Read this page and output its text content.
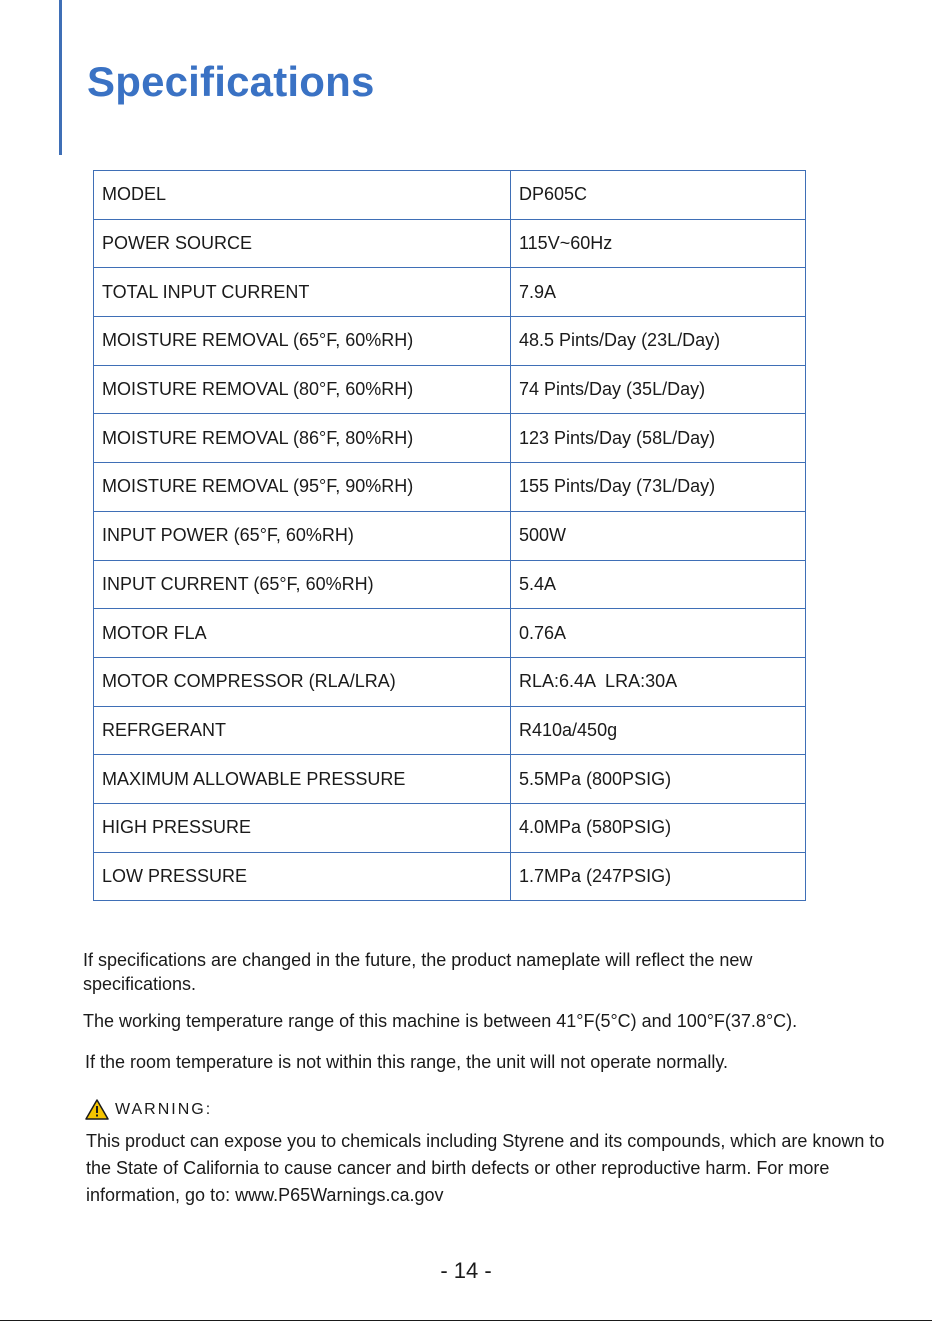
Specifications
MODEL	DP605C
POWER SOURCE	115V~60Hz
TOTAL INPUT CURRENT	7.9A
MOISTURE REMOVAL (65°F, 60%RH)	48.5 Pints/Day (23L/Day)
MOISTURE REMOVAL (80°F, 60%RH)	74 Pints/Day (35L/Day)
MOISTURE REMOVAL (86°F, 80%RH)	123 Pints/Day (58L/Day)
MOISTURE REMOVAL (95°F, 90%RH)	155 Pints/Day (73L/Day)
INPUT POWER (65°F, 60%RH)	500W
INPUT CURRENT (65°F, 60%RH)	5.4A
MOTOR FLA	0.76A
MOTOR COMPRESSOR (RLA/LRA)	RLA:6.4A  LRA:30A
REFRGERANT	R410a/450g
MAXIMUM ALLOWABLE PRESSURE	5.5MPa (800PSIG)
HIGH PRESSURE	4.0MPa (580PSIG)
LOW PRESSURE	1.7MPa (247PSIG)

If specifications are changed in the future, the product nameplate will reflect the new specifications.

The working temperature range of this machine is between 41°F(5°C) and 100°F(37.8°C).

If the room temperature is not within this range, the unit will not operate normally.

WARNING:

This product can expose you to chemicals including Styrene and its compounds, which are known to the State of California to cause cancer and birth defects or other reproductive harm. For more information, go to: www.P65Warnings.ca.gov

- 14 -
